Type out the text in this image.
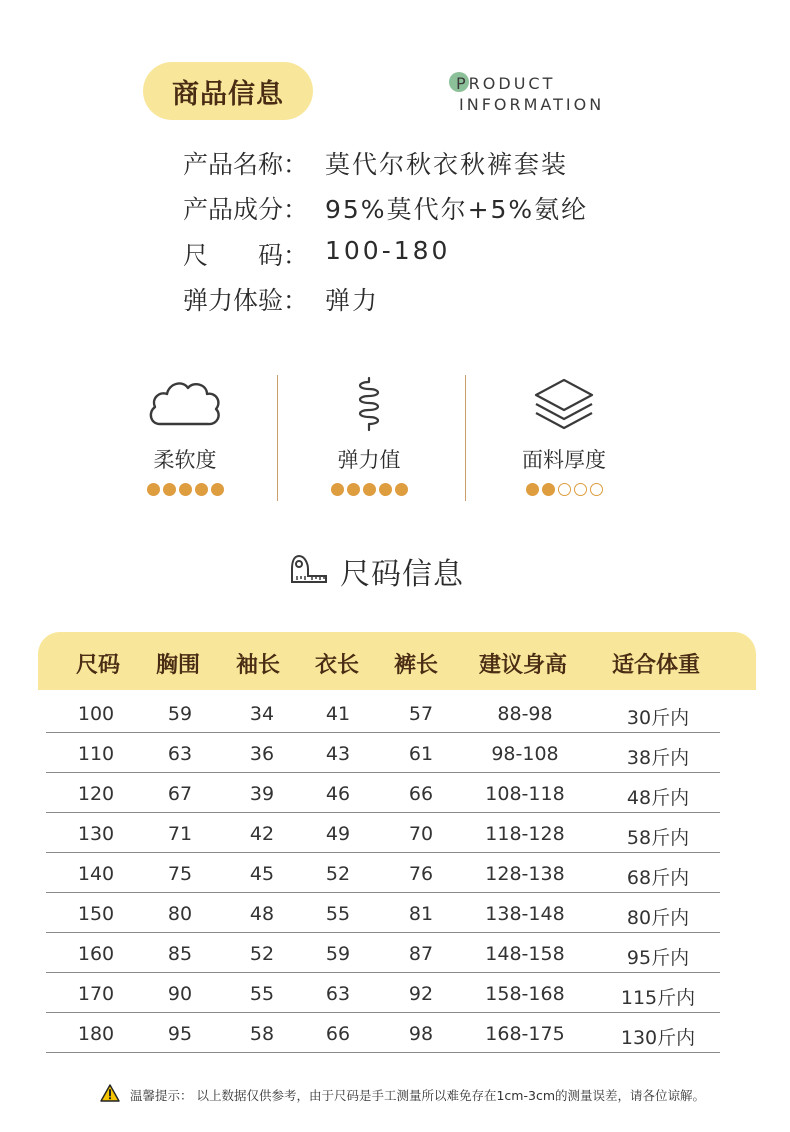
商品信息	PRODUCT
INFORMATION
产品名称： 莫代尔秋衣秋裤套装
产品成分： 95%莫代尔+5%氨纶
尺　　码： 100-180
弹力体验： 弹力
柔软度	弹力值	面料厚度
尺码信息
尺码	胸围	袖长	衣长	裤长	建议身高	适合体重
100	59	34	41	57	88-98	30斤内
110	63	36	43	61	98-108	38斤内
120	67	39	46	66	108-118	48斤内
130	71	42	49	70	118-128	58斤内
140	75	45	52	76	128-138	68斤内
150	80	48	55	81	138-148	80斤内
160	85	52	59	87	148-158	95斤内
170	90	55	63	92	158-168	115斤内
180	95	58	66	98	168-175	130斤内
温馨提示： 以上数据仅供参考，由于尺码是手工测量所以难免存在1cm-3cm的测量误差，请各位谅解。
